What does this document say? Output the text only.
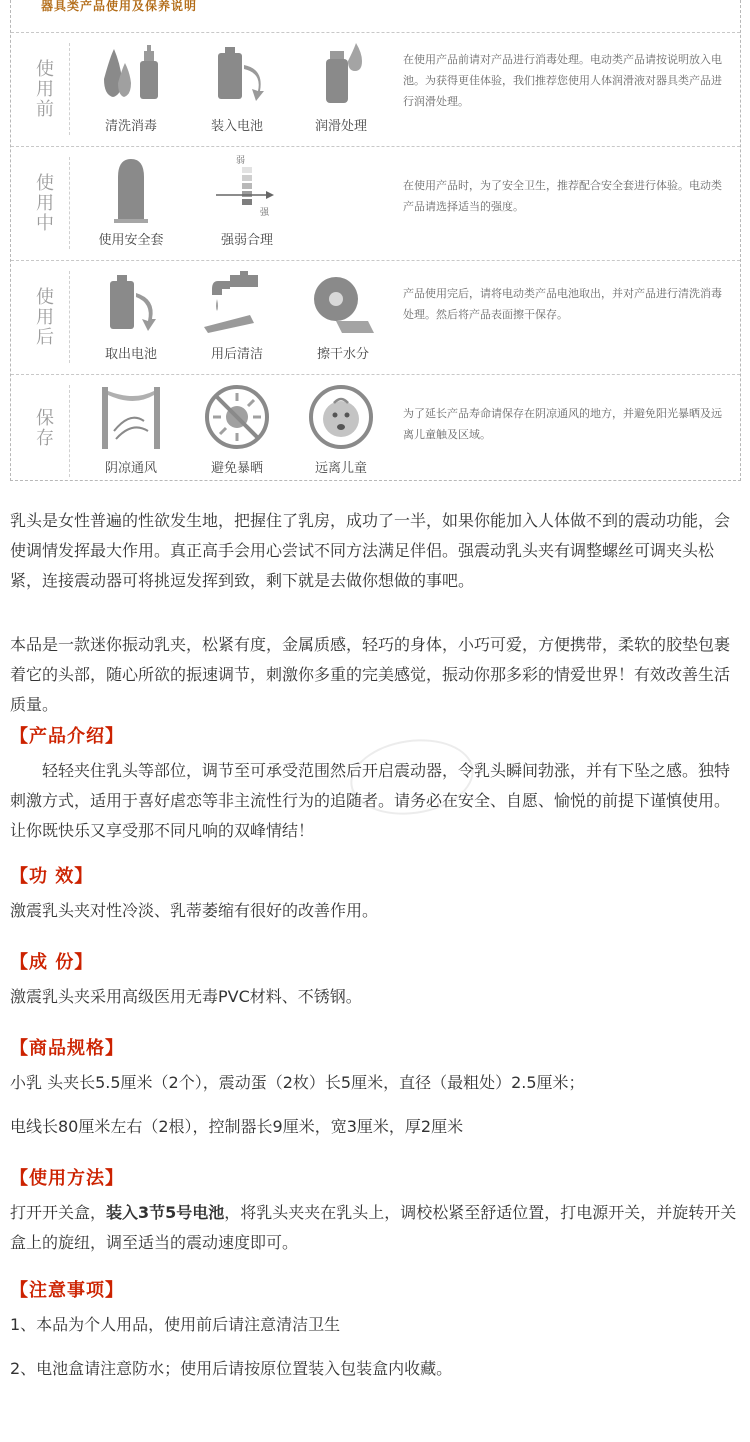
器具类产品使用及保养说明
使用前
清洗消毒	装入电池	润滑处理
在使用产品前请对产品进行消毒处理。电动类产品请按说明放入电池。为获得更佳体验，我们推荐您使用人体润滑液对器具类产品进行润滑处理。
使用中
使用安全套
弱
强
强弱合理
在使用产品时，为了安全卫生，推荐配合安全套进行体验。电动类产品请选择适当的强度。
使用后
取出电池	用后清洁	擦干水分
产品使用完后，请将电动类产品电池取出，并对产品进行清洗消毒处理。然后将产品表面擦干保存。
保存
阴凉通风	避免暴晒	远离儿童
为了延长产品寿命请保存在阴凉通风的地方，并避免阳光暴晒及远离儿童触及区域。
乳头是女性普遍的性欲发生地，把握住了乳房，成功了一半，如果你能加入人体做不到的震动功能，会使调情发挥最大作用。真正高手会用心尝试不同方法满足伴侣。强震动乳头夹有调整螺丝可调夹头松 紧，连接震动器可将挑逗发挥到致，剩下就是去做你想做的事吧。
本品是一款迷你振动乳夹，松紧有度，金属质感，轻巧的身体，小巧可爱，方便携带，柔软的胶垫包裹着它的头部，随心所欲的振速调节，刺激你多重的完美感觉，振动你那多彩的情爱世界！有效改善生活质量。
【产品介绍】
　　轻轻夹住乳头等部位，调节至可承受范围然后开启震动器，令乳头瞬间勃涨，并有下坠之感。独特刺激方式，适用于喜好虐恋等非主流性行为的追随者。请务必在安全、自愿、愉悦的前提下谨慎使用。让你既快乐又享受那不同凡响的双峰情结！
【功 效】
激震乳头夹对性冷淡、乳蒂萎缩有很好的改善作用。
【成 份】
激震乳头夹采用高级医用无毒PVC材料、不锈钢。
【商品规格】
小乳 头夹长5.5厘米（2个），震动蛋（2枚）长5厘米，直径（最粗处）2.5厘米；
电线长80厘米左右（2根），控制器长9厘米，宽3厘米，厚2厘米
【使用方法】
打开开关盒，装入3节5号电池，将乳头夹夹在乳头上，调校松紧至舒适位置，打电源开关，并旋转开关盒上的旋纽，调至适当的震动速度即可。
【注意事项】
1、本品为个人用品，使用前后请注意清洁卫生
2、电池盒请注意防水；使用后请按原位置装入包装盒内收藏。
